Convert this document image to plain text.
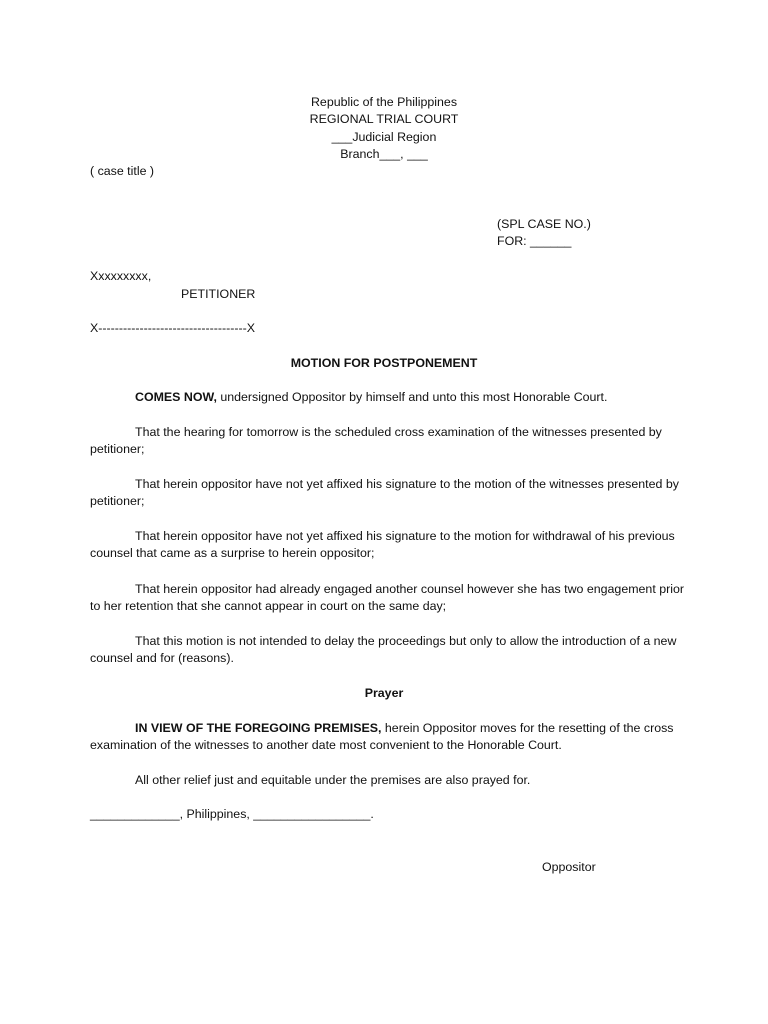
Republic of the Philippines
REGIONAL TRIAL COURT
___Judicial Region
Branch___, ___
( case title )
(SPL CASE NO.)
FOR: ______
Xxxxxxxxx,
PETITIONER
X------------------------------------X
MOTION FOR POSTPONEMENT
COMES NOW, undersigned Oppositor by himself and unto this most Honorable Court.
That the hearing for tomorrow is the scheduled cross examination of the witnesses presented by petitioner;
That herein oppositor have not yet affixed his signature to the motion of the witnesses presented by petitioner;
That herein oppositor have not yet affixed his signature to the motion for withdrawal of his previous counsel that came as a surprise to herein oppositor;
That herein oppositor had already engaged another counsel however she has two engagement prior to her retention that she cannot appear in court on the same day;
That this motion is not intended to delay the proceedings but only to allow the introduction of a new counsel and for (reasons).
Prayer
IN VIEW OF THE FOREGOING PREMISES, herein Oppositor moves for the resetting of the cross examination of the witnesses to another date most convenient to the Honorable Court.
All other relief just and equitable under the premises are also prayed for.
_____________, Philippines, _________________.
Oppositor
